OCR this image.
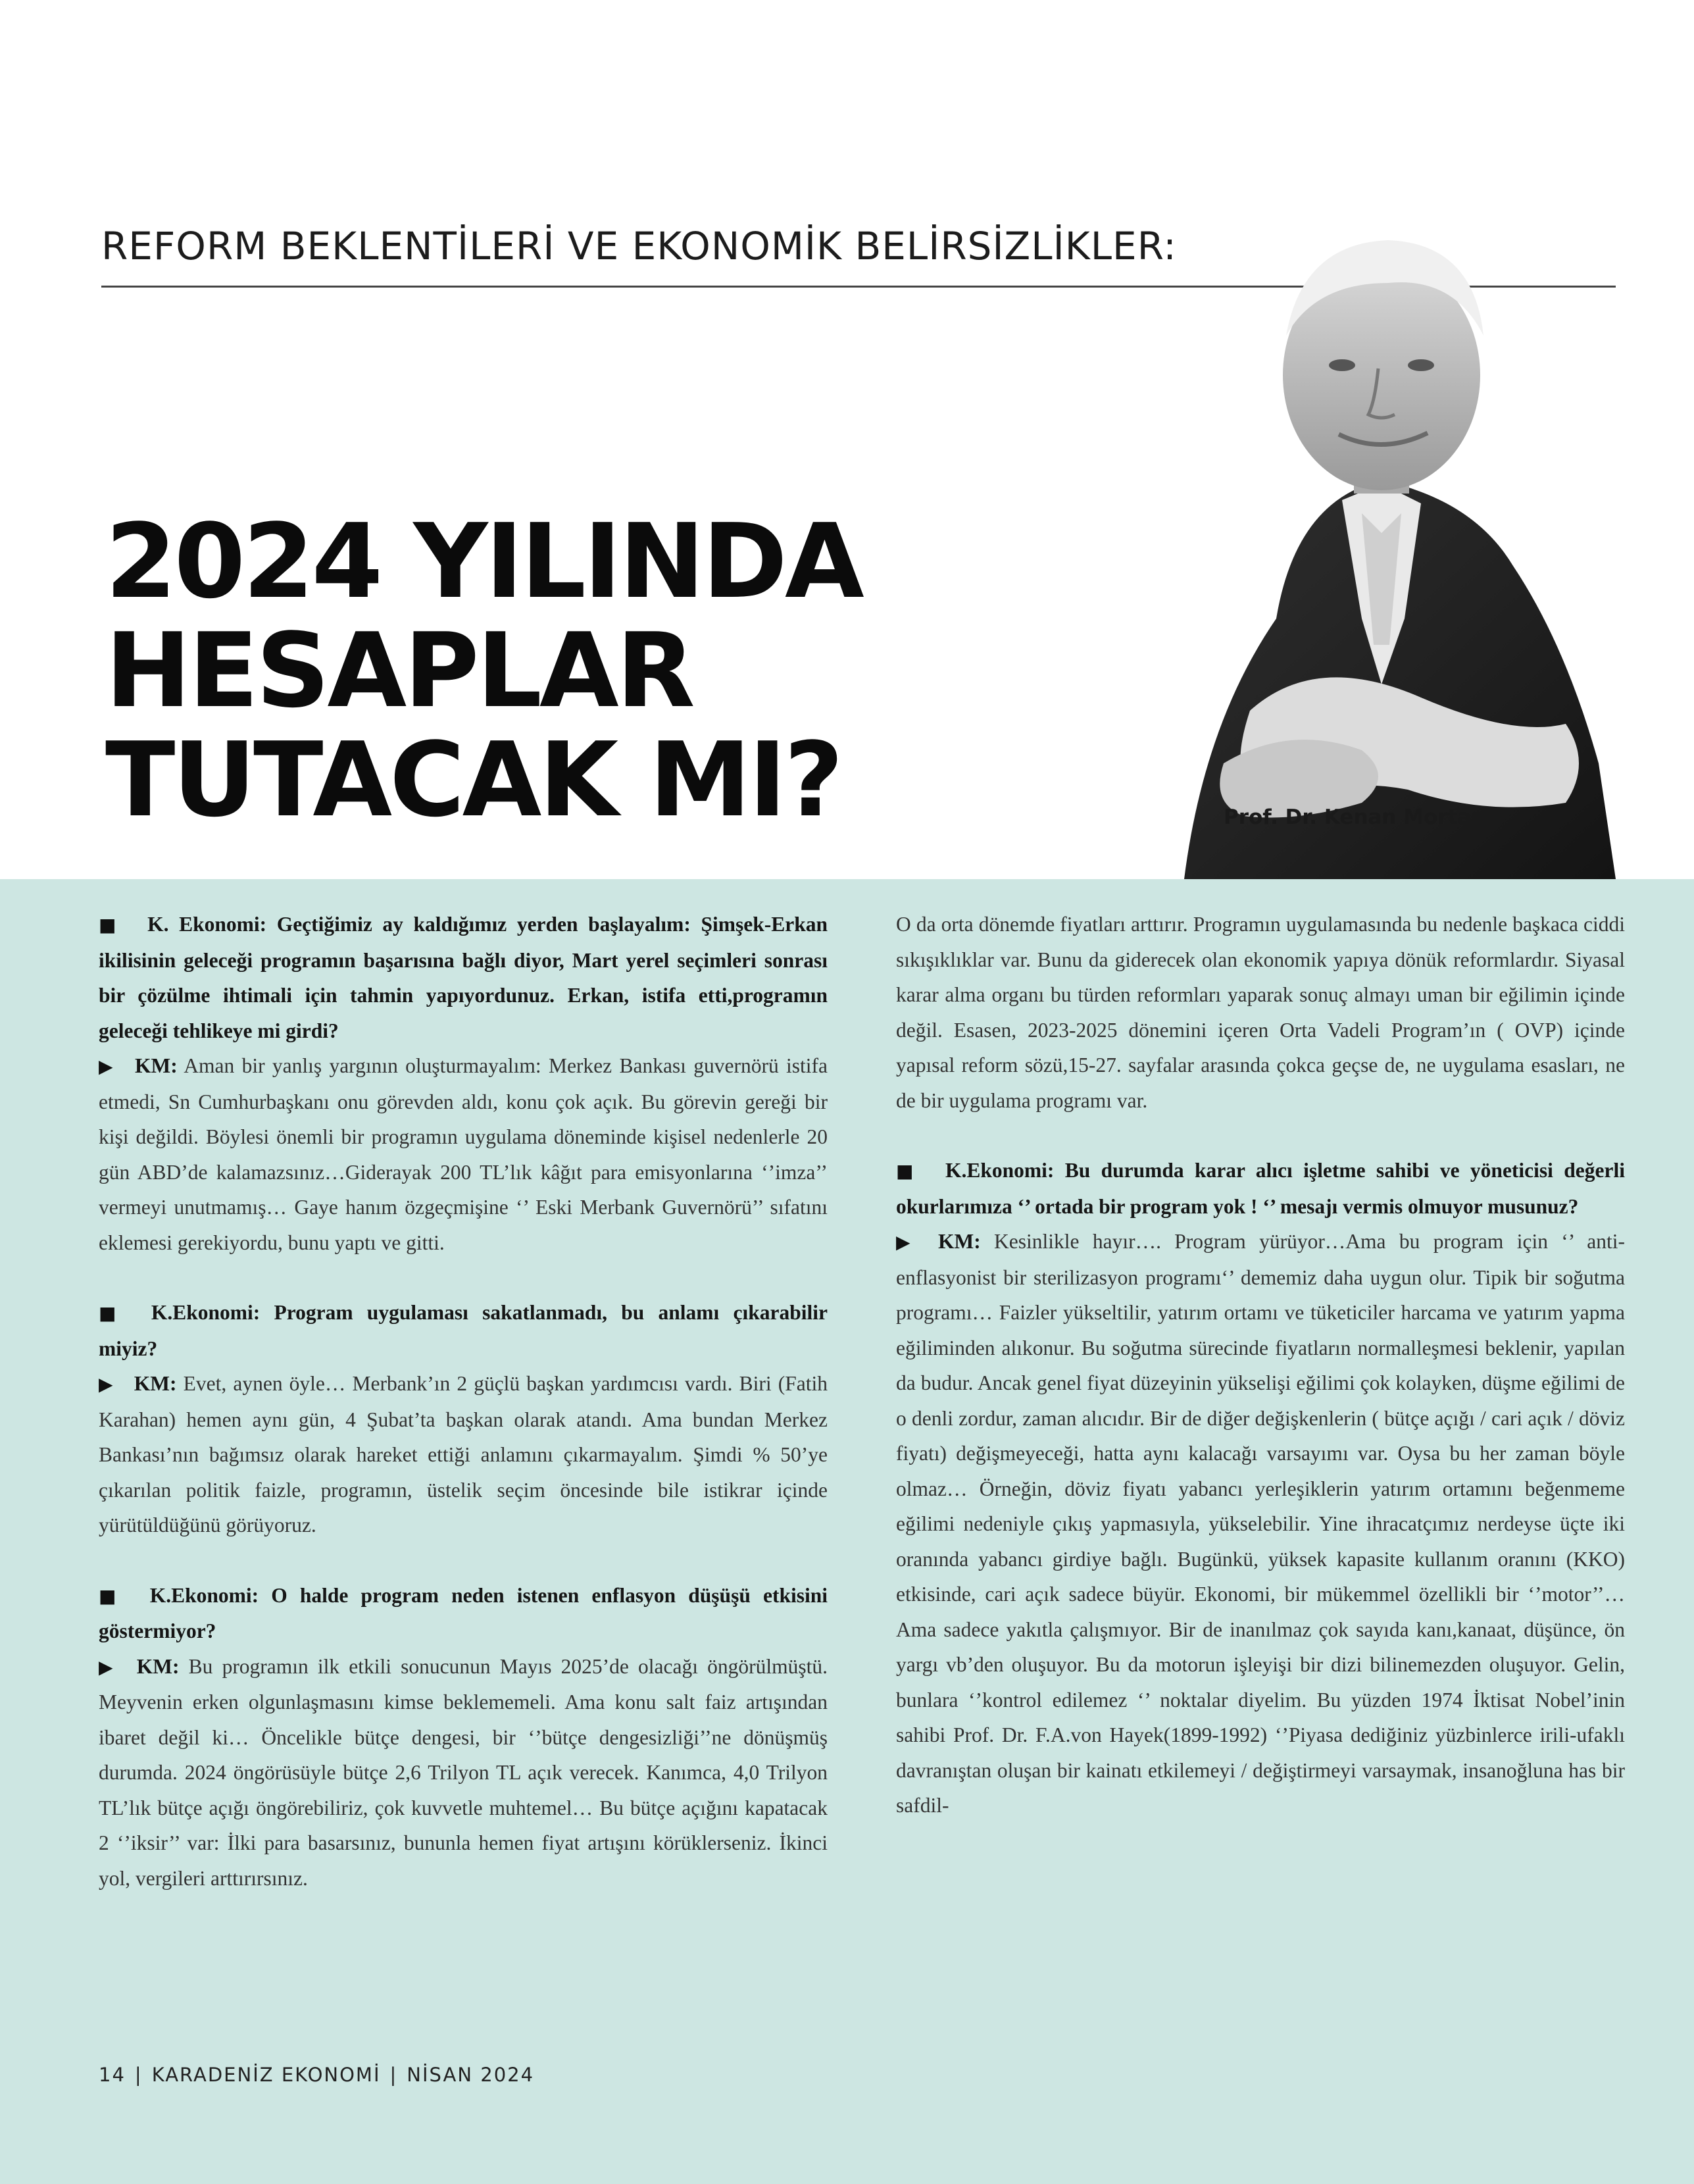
REFORM BEKLENTİLERİ VE EKONOMİK BELİRSİZLİKLER:
2024 YILINDA
HESAPLAR
TUTACAK MI?	Prof. Dr. Kenan Mortan

■ K. Ekonomi: Geçtiğimiz ay kaldığımız yerden başlayalım: Şimşek-Erkan ikilisinin geleceği programın başarısına bağlı diyor, Mart yerel seçimleri sonrası bir çözülme ihtimali için tahmin yapıyordunuz. Erkan, istifa etti,programın geleceği tehlikeye mi girdi?
▶ KM: Aman bir yanlış yargının oluşturmayalım: Merkez Bankası guvernörü istifa etmedi, Sn Cumhurbaşkanı onu görevden aldı, konu çok açık. Bu görevin gereği bir kişi değildi. Böylesi önemli bir programın uygulama döneminde kişisel nedenlerle 20 gün ABD’de kalamazsınız…Giderayak 200 TL’lık kâğıt para emisyonlarına ‘’imza’’ vermeyi unutmamış… Gaye hanım özgeçmişine ‘’ Eski Merbank Guvernörü’’ sıfatını eklemesi gerekiyordu, bunu yaptı ve gitti.

■ K.Ekonomi: Program uygulaması sakatlanmadı, bu anlamı çıkarabilir miyiz?
▶ KM: Evet, aynen öyle… Merbank’ın 2 güçlü başkan yardımcısı vardı. Biri (Fatih Karahan) hemen aynı gün, 4 Şubat’ta başkan olarak atandı. Ama bundan Merkez Bankası’nın bağımsız olarak hareket ettiği anlamını çıkarmayalım. Şimdi % 50’ye çıkarılan politik faizle, programın, üstelik seçim öncesinde bile istikrar içinde yürütüldüğünü görüyoruz.

■ K.Ekonomi: O halde program neden istenen enflasyon düşüşü etkisini göstermiyor?
▶ KM: Bu programın ilk etkili sonucunun Mayıs 2025’de olacağı öngörülmüştü. Meyvenin erken olgunlaşmasını kimse beklememeli. Ama konu salt faiz artışından ibaret değil ki… Öncelikle bütçe dengesi, bir ‘’bütçe dengesizliği’’ne dönüşmüş durumda. 2024 öngörüsüyle bütçe 2,6 Trilyon TL açık verecek. Kanımca, 4,0 Trilyon TL’lık bütçe açığı öngörebiliriz, çok kuvvetle muhtemel… Bu bütçe açığını kapatacak 2 ‘’iksir’’ var: İlki para basarsınız, bununla hemen fiyat artışını körüklerseniz. İkinci yol, vergileri arttırırsınız.

O da orta dönemde fiyatları arttırır. Programın uygulamasında bu nedenle başkaca ciddi sıkışıklıklar var. Bunu da giderecek olan ekonomik yapıya dönük reformlardır. Siyasal karar alma organı bu türden reformları yaparak sonuç almayı uman bir eğilimin içinde değil. Esasen, 2023-2025 dönemini içeren Orta Vadeli Program’ın ( OVP) içinde yapısal reform sözü,15-27. sayfalar arasında çokca geçse de, ne uygulama esasları, ne de bir uygulama programı var.

■ K.Ekonomi: Bu durumda karar alıcı işletme sahibi ve yöneticisi değerli okurlarımıza ‘’ ortada bir program yok ! ‘’ mesajı vermis olmuyor musunuz?
▶ KM: Kesinlikle hayır…. Program yürüyor…Ama bu program için ‘’ anti-enflasyonist bir sterilizasyon programı‘’ dememiz daha uygun olur. Tipik bir soğutma programı… Faizler yükseltilir, yatırım ortamı ve tüketiciler harcama ve yatırım yapma eğiliminden alıkonur. Bu soğutma sürecinde fiyatların normalleşmesi beklenir, yapılan da budur. Ancak genel fiyat düzeyinin yükselişi eğilimi çok kolayken, düşme eğilimi de o denli zordur, zaman alıcıdır. Bir de diğer değişkenlerin ( bütçe açığı / cari açık / döviz fiyatı) değişmeyeceği, hatta aynı kalacağı varsayımı var. Oysa bu her zaman böyle olmaz… Örneğin, döviz fiyatı yabancı yerleşiklerin yatırım ortamını beğenmeme eğilimi nedeniyle çıkış yapmasıyla, yükselebilir. Yine ihracatçımız nerdeyse üçte iki oranında yabancı girdiye bağlı. Bugünkü, yüksek kapasite kullanım oranını (KKO) etkisinde, cari açık sadece büyür. Ekonomi, bir mükemmel özellikli bir ‘’motor’’… Ama sadece yakıtla çalışmıyor. Bir de inanılmaz çok sayıda kanı,kanaat, düşünce, ön yargı vb’den oluşuyor. Bu da motorun işleyişi bir dizi bilinemezden oluşuyor. Gelin, bunlara ‘’kontrol edilemez ‘’ noktalar diyelim. Bu yüzden 1974 İktisat Nobel’inin sahibi Prof. Dr. F.A.von Hayek(1899-1992) ‘’Piyasa dediğiniz yüzbinlerce irili-ufaklı davranıştan oluşan bir kainatı etkilemeyi / değiştirmeyi varsaymak, insanoğluna has bir safdil-

14 | KARADENİZ EKONOMİ | NİSAN 2024
